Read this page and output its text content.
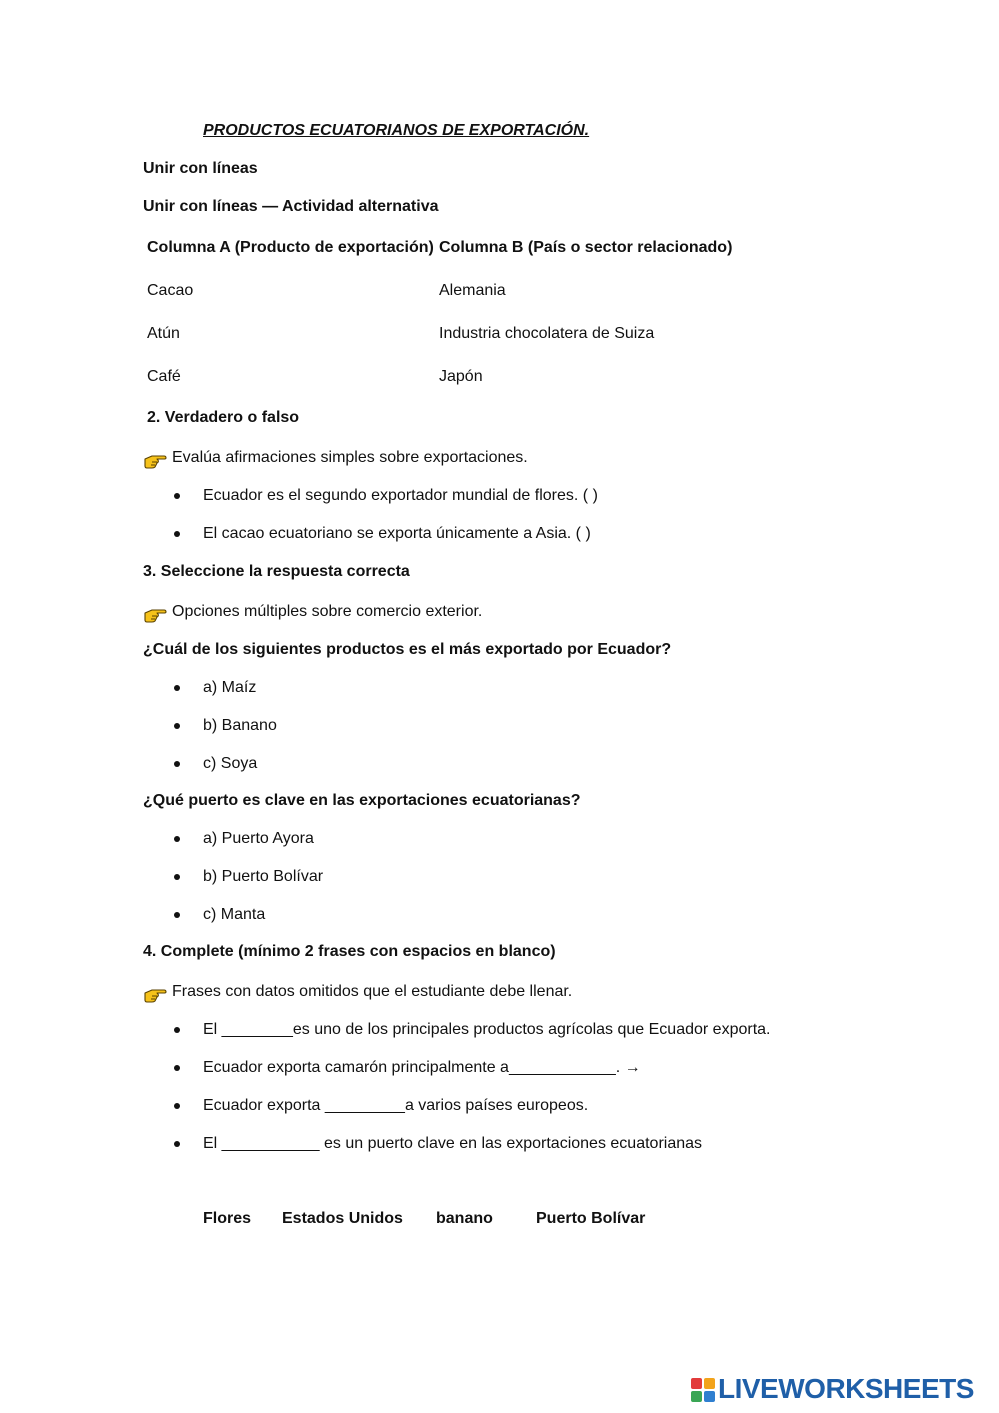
PRODUCTOS ECUATORIANOS DE EXPORTACIÓN.
Unir con líneas
Unir con líneas — Actividad alternativa
Columna A (Producto de exportación) Columna B (País o sector relacionado)
Cacao	Alemania
Atún	Industria chocolatera de Suiza
Café	Japón
2. Verdadero o falso
Evalúa afirmaciones simples sobre exportaciones.
Ecuador es el segundo exportador mundial de flores. ( )
El cacao ecuatoriano se exporta únicamente a Asia. ( )
3. Seleccione la respuesta correcta
Opciones múltiples sobre comercio exterior.
¿Cuál de los siguientes productos es el más exportado por Ecuador?
a) Maíz
b) Banano
c) Soya
¿Qué puerto es clave en las exportaciones ecuatorianas?
a) Puerto Ayora
b) Puerto Bolívar
c) Manta
4. Complete (mínimo 2 frases con espacios en blanco)
Frases con datos omitidos que el estudiante debe llenar.
El ________es uno de los principales productos agrícolas que Ecuador exporta.
Ecuador exporta camarón principalmente a____________. →
Ecuador exporta _________a varios países europeos.
El ___________ es un puerto clave en las exportaciones ecuatorianas
Flores Estados Unidos banano	Puerto Bolívar
LIVEWORKSHEETS
